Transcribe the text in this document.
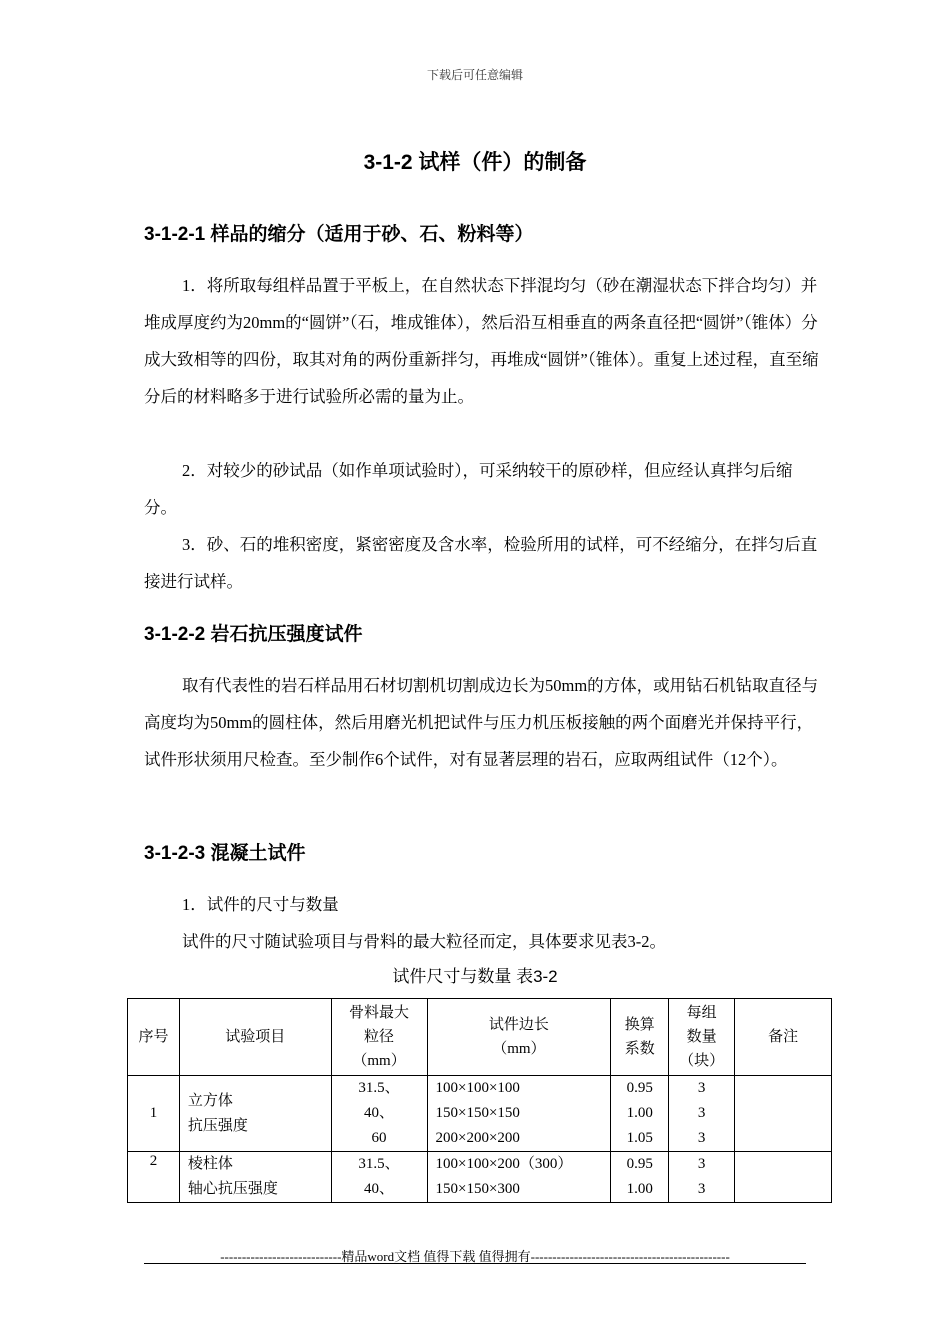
下载后可任意编辑
3-1-2 试样（件）的制备
3-1-2-1 样品的缩分（适用于砂、石、粉料等）

1．将所取每组样品置于平板上，在自然状态下拌混均匀（砂在潮湿状态下拌合均匀）并堆成厚度约为20mm的“圆饼”（石，堆成锥体），然后沿互相垂直的两条直径把“圆饼”（锥体）分成大致相等的四份，取其对角的两份重新拌匀，再堆成“圆饼”（锥体）。重复上述过程，直至缩分后的材料略多于进行试验所必需的量为止。

2．对较少的砂试品（如作单项试验时），可采纳较干的原砂样，但应经认真拌匀后缩分。

3．砂、石的堆积密度，紧密密度及含水率，检验所用的试样，可不经缩分，在拌匀后直接进行试样。

3-1-2-2 岩石抗压强度试件

取有代表性的岩石样品用石材切割机切割成边长为50mm的方体，或用钻石机钻取直径与高度均为50mm的圆柱体，然后用磨光机把试件与压力机压板接触的两个面磨光并保持平行，试件形状须用尺检查。至少制作6个试件，对有显著层理的岩石，应取两组试件（12个）。

3-1-2-3 混凝土试件

1．试件的尺寸与数量

试件的尺寸随试验项目与骨料的最大粒径而定，具体要求见表3-2。

试件尺寸与数量 表3-2
序号	试验项目	骨料最大
粒径
（mm）	试件边长
（mm）	换算
系数	每组
数量
（块）	备注
1	立方体
抗压强度	31.5、
40、
60	100×100×100
150×150×150
200×200×200	0.95
1.00
1.05	3
3
3	
2	棱柱体
轴心抗压强度	31.5、
40、	100×100×200（300）
150×150×300	0.95
1.00	3
3	
----------------------------精品word文档 值得下载 值得拥有----------------------------------------------
